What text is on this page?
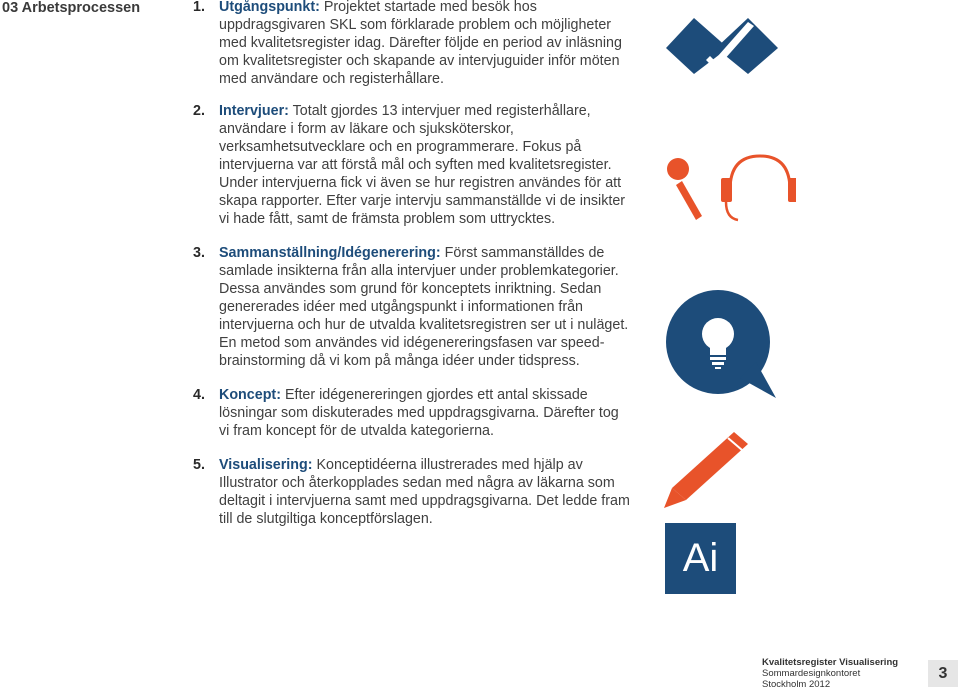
03 Arbetsprocessen	1. Utgångspunkt: Projektet startade med besök hos uppdragsgivaren SKL som förklarade problem och möjligheter med kvalitetsregister idag. Därefter följde en period av inläsning om kvalitetsregister och skapande av intervjuguider inför möten med användare och registerhållare.
2. Intervjuer: Totalt gjordes 13 intervjuer med registerhållare, användare i form av läkare och sjuksköterskor, verksamhetsutvecklare och en programmerare. Fokus på intervjuerna var att förstå mål och syften med kvalitetsregister. Under intervjuerna fick vi även se hur registren användes för att skapa rapporter. Efter varje intervju sammanställde vi de insikter vi hade fått, samt de främsta problem som uttrycktes.
3. Sammanställning/Idégenerering: Först sammanställdes de samlade insikterna från alla intervjuer under problemkategorier. Dessa användes som grund för konceptets inriktning. Sedan genererades idéer med utgångspunkt i informationen från intervjuerna och hur de utvalda kvalitetsregistren ser ut i nuläget. En metod som användes vid idégenereringsfasen var speed-brainstorming då vi kom på många idéer under tidspress.
4. Koncept: Efter idégenereringen gjordes ett antal skissade lösningar som diskuterades med uppdragsgivarna. Därefter tog vi fram koncept för de utvalda kategorierna.
5. Visualisering: Konceptidéerna illustrerades med hjälp av Illustrator och återkopplades sedan med några av läkarna som deltagit i intervjuerna samt med uppdragsgivarna. Det ledde fram till de slutgiltiga konceptförslagen.
Ai
Kvalitetsregister Visualisering
Sommardesignkontoret
Stockholm 2012
3
